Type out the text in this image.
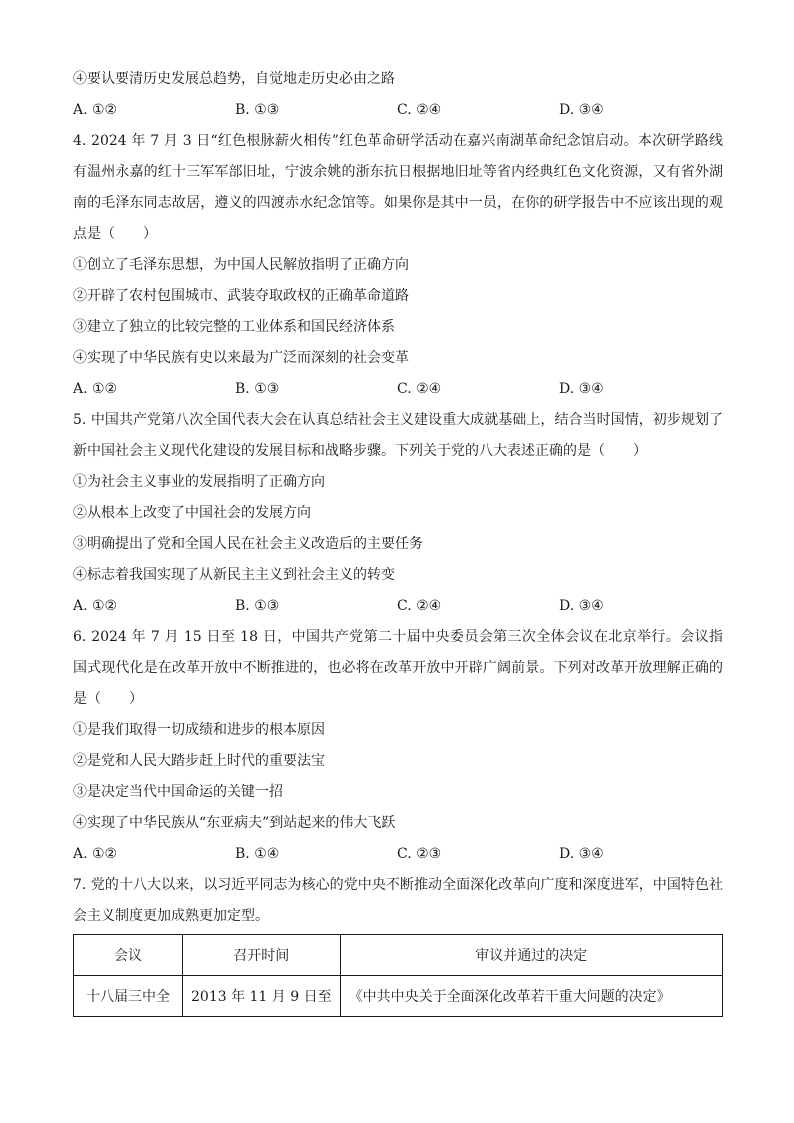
④要认要清历史发展总趋势，自觉地走历史必由之路
A. ①②	B. ①③	C. ②④	D. ③④
4. 2024 年 7 月 3 日“红色根脉薪火相传”红色革命研学活动在嘉兴南湖革命纪念馆启动。本次研学路线
有温州永嘉的红十三军军部旧址，宁波余姚的浙东抗日根据地旧址等省内经典红色文化资源，又有省外湖
南的毛泽东同志故居，遵义的四渡赤水纪念馆等。如果你是其中一员，在你的研学报告中不应该出现的观
点是（　　）
①创立了毛泽东思想，为中国人民解放指明了正确方向
②开辟了农村包围城市、武装夺取政权的正确革命道路
③建立了独立的比较完整的工业体系和国民经济体系
④实现了中华民族有史以来最为广泛而深刻的社会变革
A. ①②	B. ①③	C. ②④	D. ③④
5. 中国共产党第八次全国代表大会在认真总结社会主义建设重大成就基础上，结合当时国情，初步规划了
新中国社会主义现代化建设的发展目标和战略步骤。下列关于党的八大表述正确的是（　　）
①为社会主义事业的发展指明了正确方向
②从根本上改变了中国社会的发展方向
③明确提出了党和全国人民在社会主义改造后的主要任务
④标志着我国实现了从新民主主义到社会主义的转变
A. ①②	B. ①③	C. ②④	D. ③④
6. 2024 年 7 月 15 日至 18 日，中国共产党第二十届中央委员会第三次全体会议在北京举行。会议指
国式现代化是在改革开放中不断推进的，也必将在改革开放中开辟广阔前景。下列对改革开放理解正确的
是（　　）
①是我们取得一切成绩和进步的根本原因
②是党和人民大踏步赶上时代的重要法宝
③是决定当代中国命运的关键一招
④实现了中华民族从“东亚病夫”到站起来的伟大飞跃
A. ①②	B. ①④	C. ②③	D. ③④
7. 党的十八大以来，以习近平同志为核心的党中央不断推动全面深化改革向广度和深度进军，中国特色社
会主义制度更加成熟更加定型。
会议	召开时间	审议并通过的决定
十八届三中全	2013 年 11 月 9 日至	《中共中央关于全面深化改革若干重大问题的决定》
